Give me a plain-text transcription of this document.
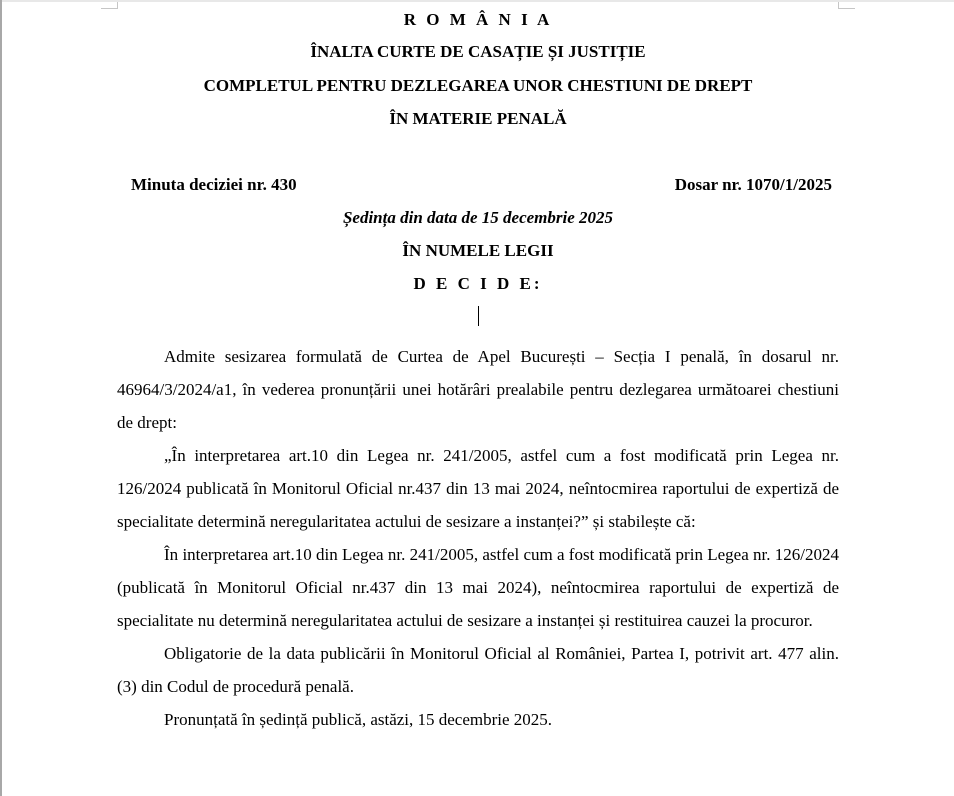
R O M Â N I A
ÎNALTA CURTE DE CASAȚIE ȘI JUSTIȚIE
COMPLETUL PENTRU DEZLEGAREA UNOR CHESTIUNI DE DREPT
ÎN MATERIE PENALĂ
Minuta deciziei nr. 430	Dosar nr. 1070/1/2025
Ședința din data de 15 decembrie 2025
ÎN NUMELE LEGII
D E C I D E:

Admite sesizarea formulată de Curtea de Apel București – Secția I penală, în dosarul nr. 46964/3/2024/a1, în vederea pronunțării unei hotărâri prealabile pentru dezlegarea următoarei chestiuni de drept:

„În interpretarea art.10 din Legea nr. 241/2005, astfel cum a fost modificată prin Legea nr. 126/2024 publicată în Monitorul Oficial nr.437 din 13 mai 2024, neîntocmirea raportului de expertiză de specialitate determină neregularitatea actului de sesizare a instanței?” și stabilește că:

În interpretarea art.10 din Legea nr. 241/2005, astfel cum a fost modificată prin Legea nr. 126/2024 (publicată în Monitorul Oficial nr.437 din 13 mai 2024), neîntocmirea raportului de expertiză de specialitate nu determină neregularitatea actului de sesizare a instanței și restituirea cauzei la procuror.

Obligatorie de la data publicării în Monitorul Oficial al României, Partea I, potrivit art. 477 alin. (3) din Codul de procedură penală.

Pronunțată în ședință publică, astăzi, 15 decembrie 2025.
